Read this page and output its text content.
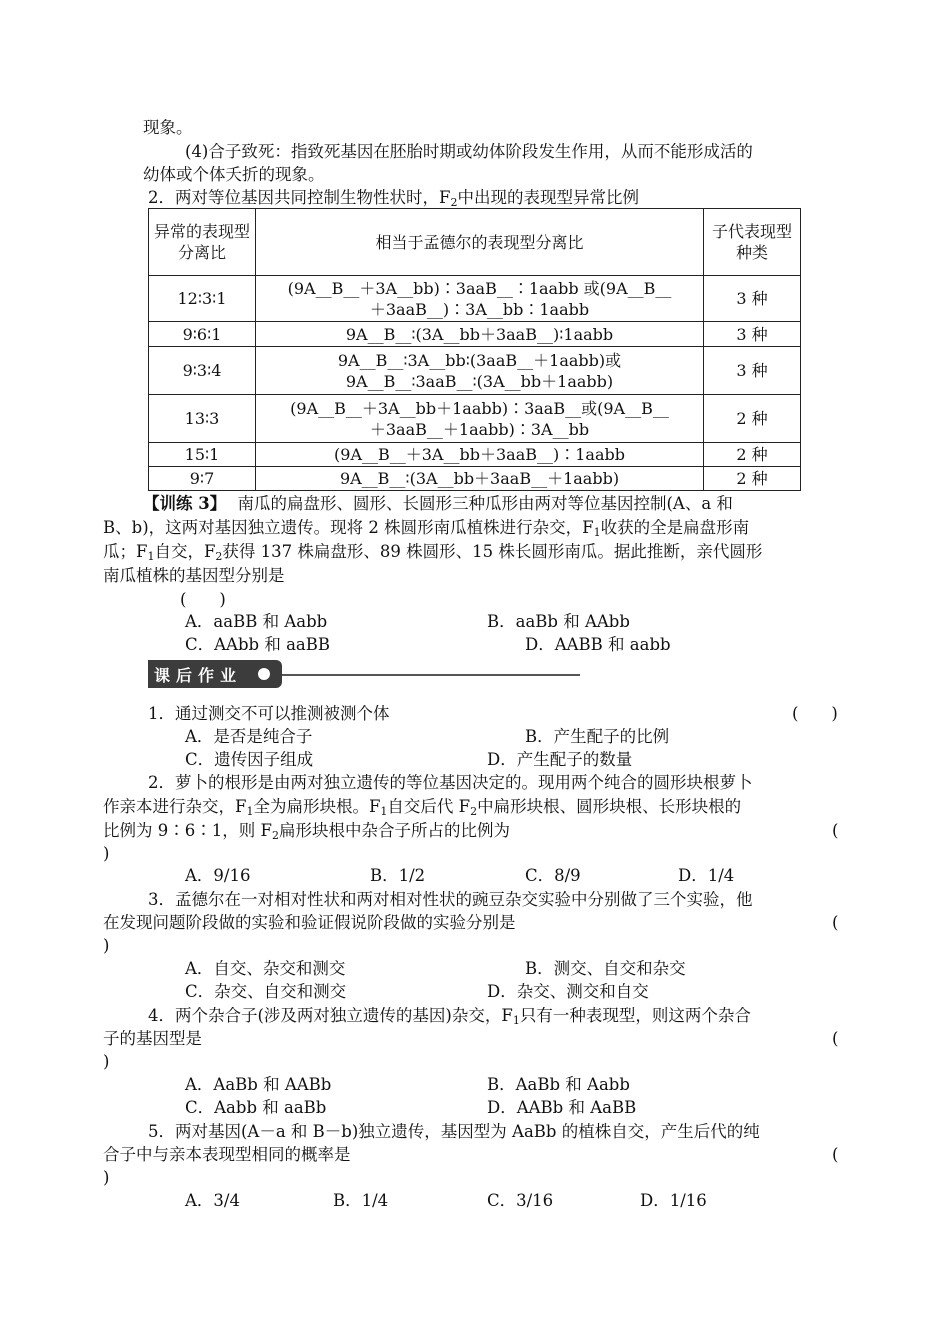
现象。
(4)合子致死：指致死基因在胚胎时期或幼体阶段发生作用，从而不能形成活的
幼体或个体夭折的现象。
2．两对等位基因共同控制生物性状时，$F_2$中出现的表现型异常比例
异常的表现型分离比	相当于孟德尔的表现型分离比	子代表现型种类
12∶3∶1	(9A__B__＋3A__bb)∶3aaB__∶1aabb 或(9A__B__
＋3aaB__)∶3A__bb∶1aabb	3 种
9∶6∶1	9A__B__∶(3A__bb＋3aaB__)∶1aabb	3 种
9∶3∶4	9A__B__∶3A__bb∶(3aaB__＋1aabb)或
9A__B__∶3aaB__∶(3A__bb＋1aabb)	3 种
13∶3	(9A__B__＋3A__bb＋1aabb)∶3aaB__或(9A__B__
＋3aaB__＋1aabb)∶3A__bb	2 种
15∶1	(9A__B__＋3A__bb＋3aaB__)∶1aabb	2 种
9∶7	9A__B__∶(3A__bb＋3aaB__＋1aabb)	2 种
【训练 3】 南瓜的扁盘形、圆形、长圆形三种瓜形由两对等位基因控制(A、a 和
B、b)，这两对基因独立遗传。现将 2 株圆形南瓜植株进行杂交，$F_1$收获的全是扁盘形南
瓜；$F_1$自交，$F_2$获得 137 株扁盘形、89 株圆形、15 株长圆形南瓜。据此推断，亲代圆形
南瓜植株的基因型分别是
(　　)
A．aaBB 和 Aabb	B．aaBb 和 AAbb
C．AAbb 和 aaBB	D．AABB 和 aabb
课后作业
1．通过测交不可以推测被测个体	(　　)
A．是否是纯合子	B．产生配子的比例
C．遗传因子组成	D．产生配子的数量
2．萝卜的根形是由两对独立遗传的等位基因决定的。现用两个纯合的圆形块根萝卜
作亲本进行杂交，$F_1$全为扁形块根。$F_1$自交后代 $F_2$中扁形块根、圆形块根、长形块根的
比例为 9∶6∶1，则 $F_2$扁形块根中杂合子所占的比例为	(
)
A．9/16	B．1/2	C．8/9	D．1/4
3．孟德尔在一对相对性状和两对相对性状的豌豆杂交实验中分别做了三个实验，他
在发现问题阶段做的实验和验证假说阶段做的实验分别是	(
)
A．自交、杂交和测交	B．测交、自交和杂交
C．杂交、自交和测交	D．杂交、测交和自交
4．两个杂合子(涉及两对独立遗传的基因)杂交，$F_1$只有一种表现型，则这两个杂合
子的基因型是	(
)
A．AaBb 和 AABb	B．AaBb 和 Aabb
C．Aabb 和 aaBb	D．AABb 和 AaBB
5．两对基因(A－a 和 B－b)独立遗传，基因型为 AaBb 的植株自交，产生后代的纯
合子中与亲本表现型相同的概率是	(
)
A．3/4	B．1/4	C．3/16	D．1/16
